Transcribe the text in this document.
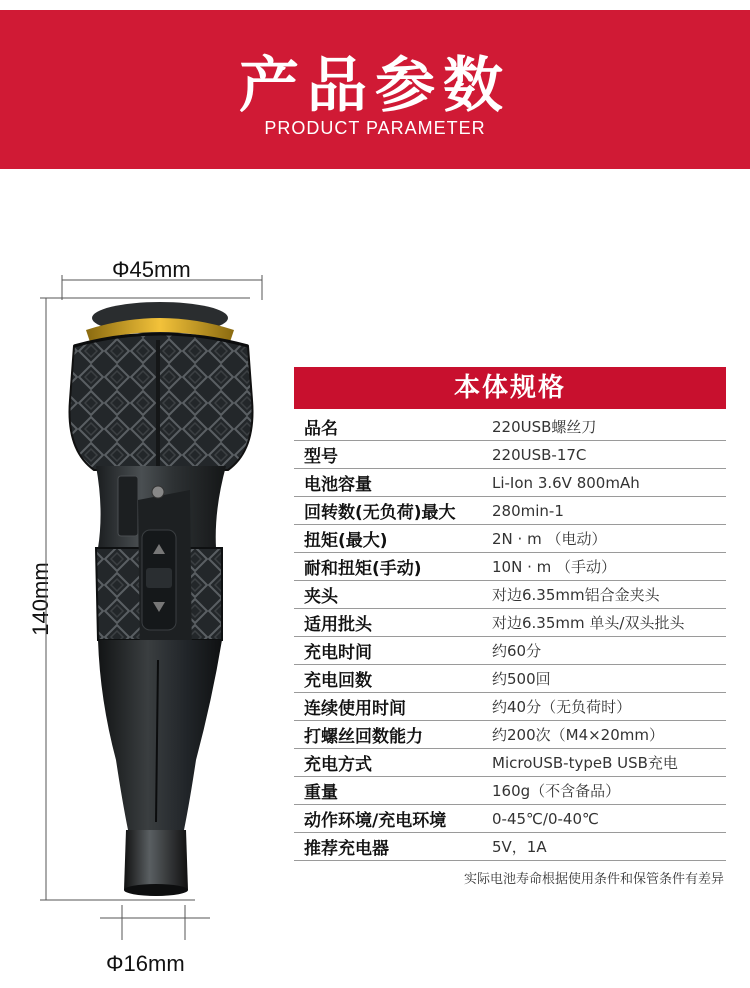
产品参数
PRODUCT PARAMETER
Φ45mm
140mm
Φ16mm
本体规格
品名	220USB螺丝刀
型号	220USB-17C
电池容量	Li-Ion 3.6V 800mAh
回转数(无负荷)最大	280min-1
扭矩(最大)	2N · m （电动）
耐和扭矩(手动)	10N · m （手动）
夹头	对边6.35mm铝合金夹头
适用批头	对边6.35mm 单头/双头批头
充电时间	约60分
充电回数	约500回
连续使用时间	约40分（无负荷时）
打螺丝回数能力	约200次（M4×20mm）
充电方式	MicroUSB-typeB USB充电
重量	160g（不含备品）
动作环境/充电环境	0-45℃/0-40℃
推荐充电器	5V，1A
实际电池寿命根据使用条件和保管条件有差异
